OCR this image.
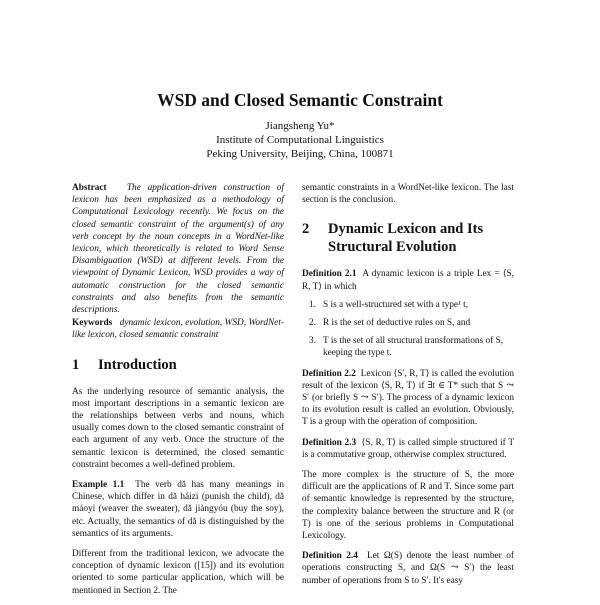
WSD and Closed Semantic Constraint
Jiangsheng Yu*
Institute of Computational Linguistics
Peking University, Beijing, China, 100871

Abstract The application-driven construction of lexicon has been emphasized as a methodology of Computational Lexicology recently. We focus on the closed semantic constraint of the argument(s) of any verb concept by the noun concepts in a WordNet-like lexicon, which theoretically is related to Word Sense Disambiguation (WSD) at different levels. From the viewpoint of Dynamic Lexicon, WSD provides a way of automatic construction for the closed semantic constraints and also benefits from the semantic descriptions.

Keywords dynamic lexicon, evolution, WSD, WordNet-like lexicon, closed semantic constraint

1 Introduction

As the underlying resource of semantic analysis, the most important descriptions in a semantic lexicon are the relationships between verbs and nouns, which usually comes down to the closed semantic constraint of each argument of any verb. Once the structure of the semantic lexicon is determined, the closed semantic constraint becomes a well-defined problem.

Example 1.1 The verb dǎ has many meanings in Chinese, which differ in dǎ háizi (punish the child), dǎ máoyi (weaver the sweater), dǎ jiàngyóu (buy the soy), etc. Actually, the semantics of dǎ is distinguished by the semantics of its arguments.

Different from the traditional lexicon, we advocate the conception of dynamic lexicon ([15]) and its evolution oriented to some particular application, which will be mentioned in Section 2. The

semantic constraints in a WordNet-like lexicon. The last section is the conclusion.

2	Dynamic Lexicon and Its Structural Evolution

Definition 2.1 A dynamic lexicon is a triple Lex = ⟨S, R, T⟩ in which

1. S is a well-structured set with a type¹ t,
2. R is the set of deductive rules on S, and
3. T is the set of all structural transformations of S, keeping the type t.

Definition 2.2 Lexicon ⟨S′, R, T⟩ is called the evolution result of the lexicon ⟨S, R, T⟩ if ∃t ∈ T* such that S ⤳ S′ (or briefly S ⤳ S′). The process of a dynamic lexicon to its evolution result is called an evolution. Obviously, T is a group with the operation of composition.

Definition 2.3 ⟨S, R, T⟩ is called simple structured if T is a commutative group, otherwise complex structured.

The more complex is the structure of S, the more difficult are the applications of R and T. Since some part of semantic knowledge is represented by the structure, the complexity balance between the structure and R (or T) is one of the serious problems in Computational Lexicology.

Definition 2.4 Let Ω(S) denote the least number of operations constructing S, and Ω(S ⤳ S′) the least number of operations from S to S′. It's easy
